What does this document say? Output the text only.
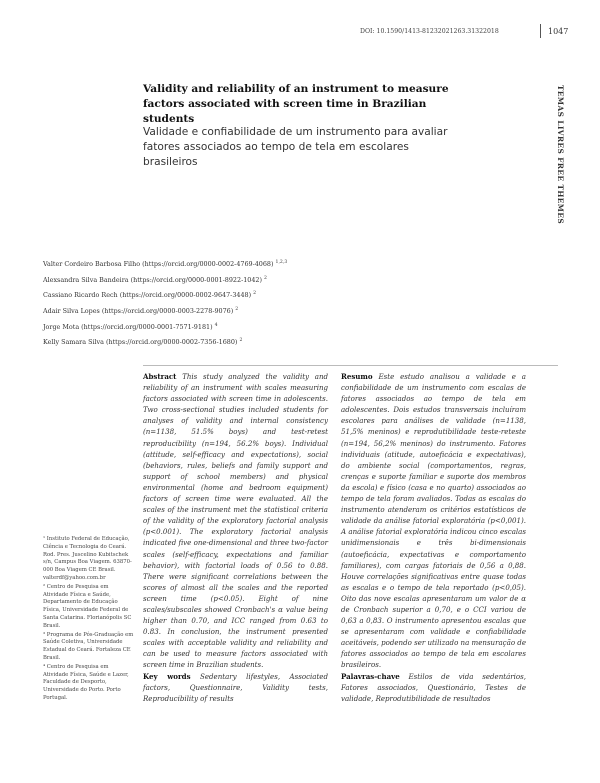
DOI: 10.1590/1413-81232021263.31322018	1047
TEMAS LIVRES FREE THEMES
Validity and reliability of an instrument to measure factors associated with screen time in Brazilian students
Validade e confiabilidade de um instrumento para avaliar fatores associados ao tempo de tela em escolares brasileiros
Valter Cordeiro Barbosa Filho (https://orcid.org/0000-0002-4769-4068) $^{1,2,3}$
Alexsandra Silva Bandeira (https://orcid.org/0000-0001-8922-1042) $^2$
Cassiano Ricardo Rech (https://orcid.org/0000-0002-9647-3448) $^2$
Adair Silva Lopes (https://orcid.org/0000-0003-2278-9076) $^2$
Jorge Mota (https://orcid.org/0000-0001-7571-9181) $^4$
Kelly Samara Silva (https://orcid.org/0000-0002-7356-1680) $^2$

¹ Instituto Federal de Educação, Ciência e Tecnologia do Ceará. Rod. Pres. Juscelino Kubitschek s/n, Campus Boa Viagem. 63870-000 Boa Viagem CE Brasil. valterdf@yahoo.com.br

² Centro de Pesquisa em Atividade Física e Saúde, Departamento de Educação Física, Universidade Federal de Santa Catarina. Florianópolis SC Brasil.

³ Programa de Pós-Graduação em Saúde Coletiva, Universidade Estadual do Ceará. Fortaleza CE Brasil.

⁴ Centro de Pesquisa em Atividade Física, Saúde e Lazer, Faculdade de Desporto, Universidade do Porto. Porto Portugal.

Abstract This study analyzed the validity and reliability of an instrument with scales measuring factors associated with screen time in adolescents. Two cross-sectional studies included students for analyses of validity and internal consistency (n=1138, 51.5% boys) and test-retest reproducibility (n=194, 56.2% boys). Individual (attitude, self-efficacy and expectations), social (behaviors, rules, beliefs and family support and support of school members) and physical environmental (home and bedroom equipment) factors of screen time were evaluated. All the scales of the instrument met the statistical criteria of the validity of the exploratory factorial analysis (p<0.001). The exploratory factorial analysis indicated five one-dimensional and three two-factor scales (self-efficacy, expectations and familiar behavior), with factorial loads of 0.56 to 0.88. There were significant correlations between the scores of almost all the scales and the reported screen time (p<0.05). Eight of nine scales/subscales showed Cronbach's α value being higher than 0.70, and ICC ranged from 0.63 to 0.83. In conclusion, the instrument presented scales with acceptable validity and reliability and can be used to measure factors associated with screen time in Brazilian students.
Key words Sedentary lifestyles, Associated factors, Questionnaire, Validity tests, Reproducibility of results
Resumo Este estudo analisou a validade e a confiabilidade de um instrumento com escalas de fatores associados ao tempo de tela em adolescentes. Dois estudos transversais incluíram escolares para análises de validade (n=1138, 51,5% meninos) e reprodutibilidade teste-reteste (n=194, 56,2% meninos) do instrumento. Fatores individuais (atitude, autoeficácia e expectativas), do ambiente social (comportamentos, regras, crenças e suporte familiar e suporte dos membros da escola) e físico (casa e no quarto) associados ao tempo de tela foram avaliados. Todas as escalas do instrumento atenderam os critérios estatísticos de validade da análise fatorial exploratória (p<0,001). A análise fatorial exploratória indicou cinco escalas unidimensionais e três bi-dimensionais (autoeficácia, expectativas e comportamento familiares), com cargas fatoriais de 0,56 a 0,88. Houve correlações significativas entre quase todas as escalas e o tempo de tela reportado (p<0,05). Oito das nove escalas apresentaram um valor de α de Cronbach superior a 0,70, e o CCI variou de 0,63 a 0,83. O instrumento apresentou escalas que se apresentaram com validade e confiabilidade aceitáveis, podendo ser utilizado na mensuração de fatores associados ao tempo de tela em escolares brasileiros.
Palavras-chave Estilos de vida sedentários, Fatores associados, Questionário, Testes de validade, Reprodutibilidade de resultados
